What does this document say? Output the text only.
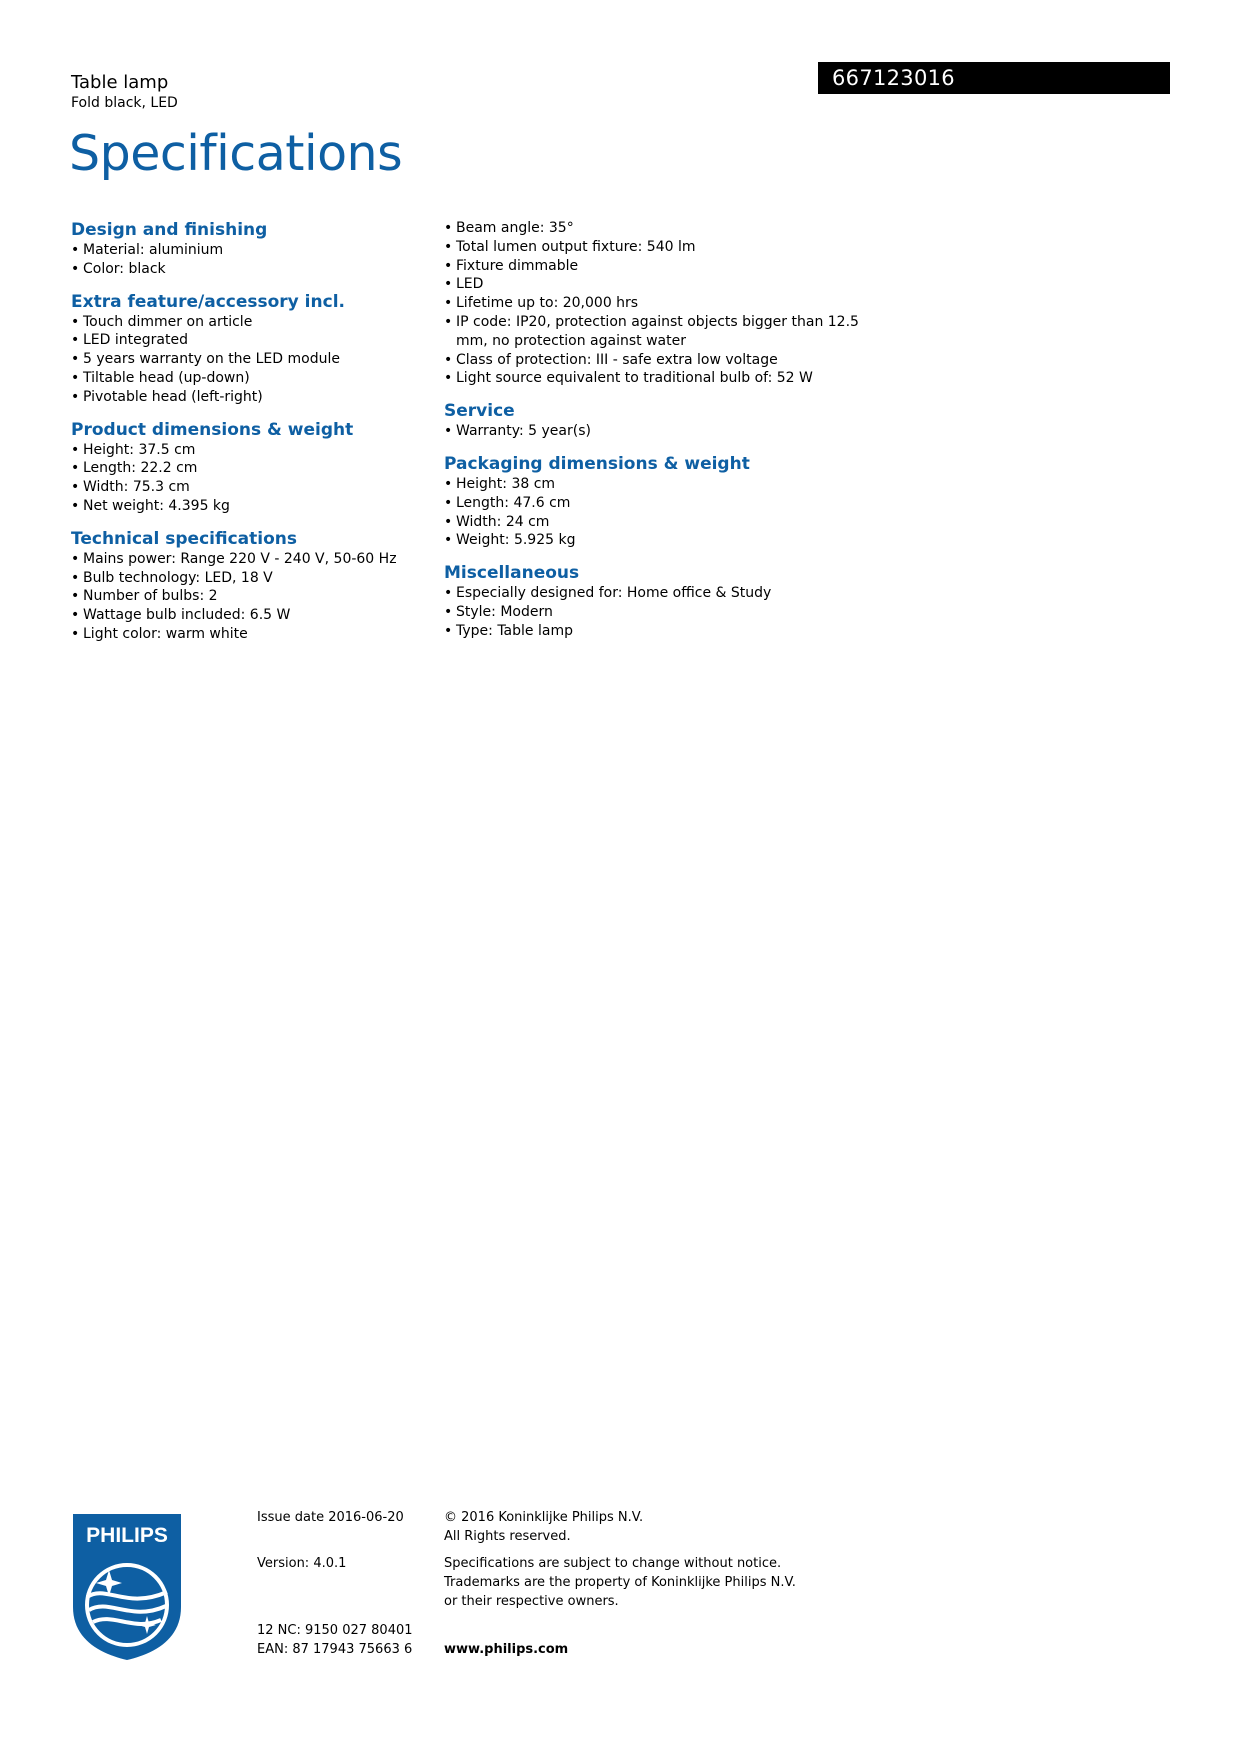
Table lamp
Fold black, LED
667123016
Specifications
Design and finishing
• Material: aluminium
• Color: black
Extra feature/accessory incl.
• Touch dimmer on article
• LED integrated
• 5 years warranty on the LED module
• Tiltable head (up-down)
• Pivotable head (left-right)
Product dimensions & weight
• Height: 37.5 cm
• Length: 22.2 cm
• Width: 75.3 cm
• Net weight: 4.395 kg
Technical specifications
• Mains power: Range 220 V - 240 V, 50-60 Hz
• Bulb technology: LED, 18 V
• Number of bulbs: 2
• Wattage bulb included: 6.5 W
• Light color: warm white
• Beam angle: 35°
• Total lumen output fixture: 540 lm
• Fixture dimmable
• LED
• Lifetime up to: 20,000 hrs
• IP code: IP20, protection against objects bigger than 12.5 mm, no protection against water
• Class of protection: III - safe extra low voltage
• Light source equivalent to traditional bulb of: 52 W
Service
• Warranty: 5 year(s)
Packaging dimensions & weight
• Height: 38 cm
• Length: 47.6 cm
• Width: 24 cm
• Weight: 5.925 kg
Miscellaneous
• Especially designed for: Home office & Study
• Style: Modern
• Type: Table lamp
PHILIPS
Issue date 2016-06-20
Version: 4.0.1
12 NC: 9150 027 80401
EAN: 87 17943 75663 6
© 2016 Koninklijke Philips N.V.
All Rights reserved.
Specifications are subject to change without notice.
Trademarks are the property of Koninklijke Philips N.V.
or their respective owners.
www.philips.com
